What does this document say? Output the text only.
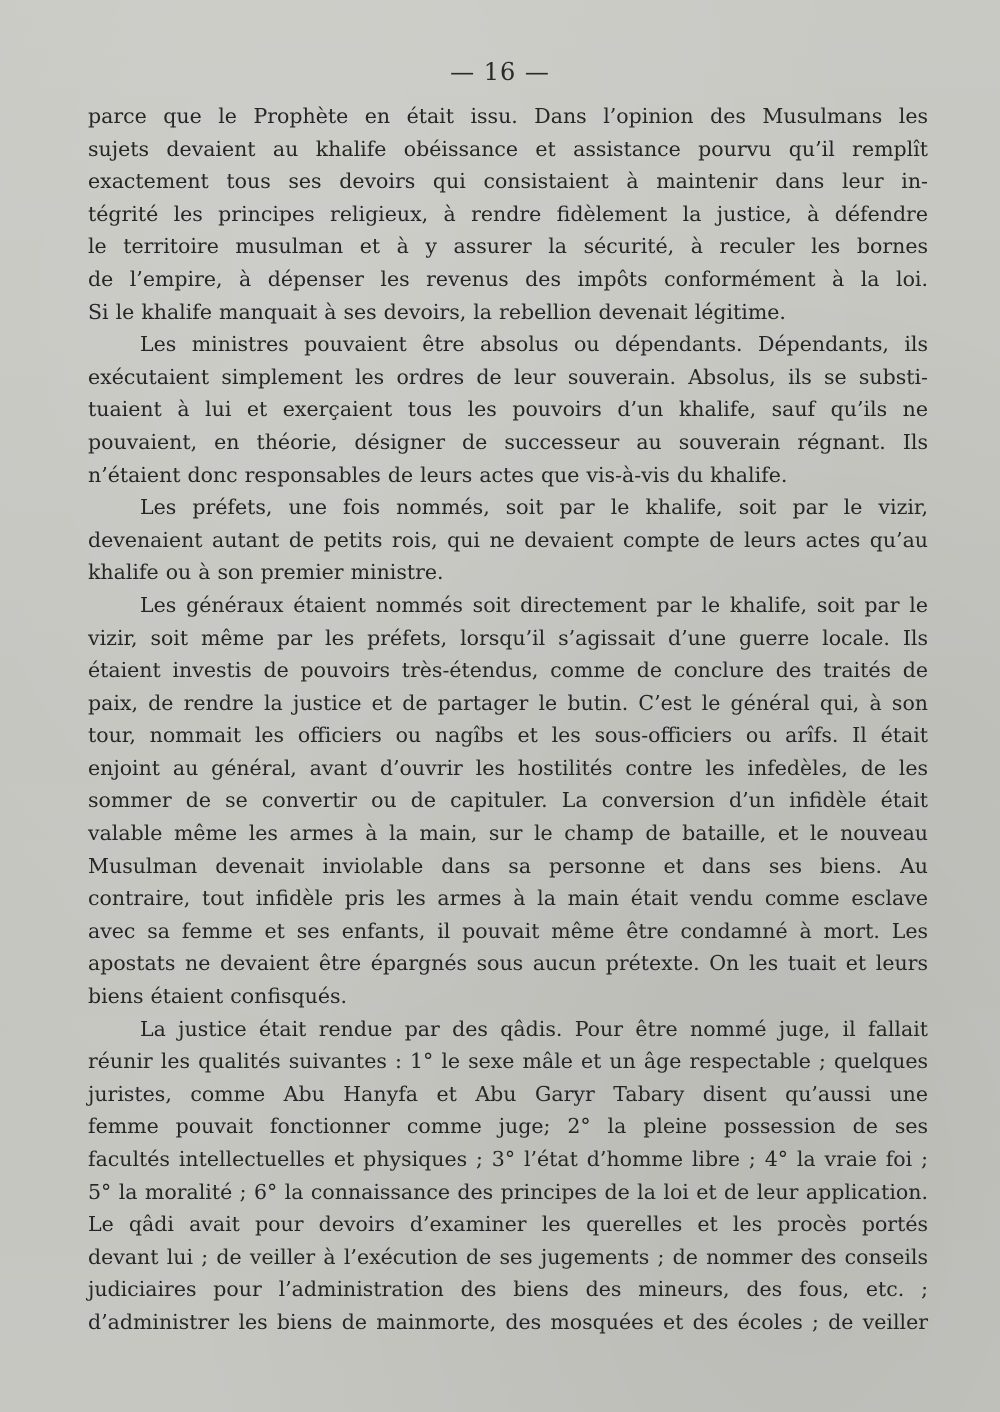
— 16 —

parce que le Prophète en était issu. Dans l’opinion des Musulmans les
sujets devaient au khalife obéissance et assistance pourvu qu’il remplît
exactement tous ses devoirs qui consistaient à maintenir dans leur in-
tégrité les principes religieux, à rendre fidèlement la justice, à défendre
le territoire musulman et à y assurer la sécurité, à reculer les bornes
de l’empire, à dépenser les revenus des impôts conformément à la loi.
Si le khalife manquait à ses devoirs, la rebellion devenait légitime.
Les ministres pouvaient être absolus ou dépendants. Dépendants, ils
exécutaient simplement les ordres de leur souverain. Absolus, ils se substi-
tuaient à lui et exerçaient tous les pouvoirs d’un khalife, sauf qu’ils ne
pouvaient, en théorie, désigner de successeur au souverain régnant. Ils
n’étaient donc responsables de leurs actes que vis-à-vis du khalife.
Les préfets, une fois nommés, soit par le khalife, soit par le vizir,
devenaient autant de petits rois, qui ne devaient compte de leurs actes qu’au
khalife ou à son premier ministre.
Les généraux étaient nommés soit directement par le khalife, soit par le
vizir, soit même par les préfets, lorsqu’il s’agissait d’une guerre locale. Ils
étaient investis de pouvoirs très-étendus, comme de conclure des traités de
paix, de rendre la justice et de partager le butin. C’est le général qui, à son
tour, nommait les officiers ou nagîbs et les sous-officiers ou arîfs. Il était
enjoint au général, avant d’ouvrir les hostilités contre les infedèles, de les
sommer de se convertir ou de capituler. La conversion d’un infidèle était
valable même les armes à la main, sur le champ de bataille, et le nouveau
Musulman devenait inviolable dans sa personne et dans ses biens. Au
contraire, tout infidèle pris les armes à la main était vendu comme esclave
avec sa femme et ses enfants, il pouvait même être condamné à mort. Les
apostats ne devaient être épargnés sous aucun prétexte. On les tuait et leurs
biens étaient confisqués.
La justice était rendue par des qâdis. Pour être nommé juge, il fallait
réunir les qualités suivantes : 1° le sexe mâle et un âge respectable ; quelques
juristes, comme Abu Hanyfa et Abu Garyr Tabary disent qu’aussi une
femme pouvait fonctionner comme juge; 2° la pleine possession de ses
facultés intellectuelles et physiques ; 3° l’état d’homme libre ; 4° la vraie foi ;
5° la moralité ; 6° la connaissance des principes de la loi et de leur application.
Le qâdi avait pour devoirs d’examiner les querelles et les procès portés
devant lui ; de veiller à l’exécution de ses jugements ; de nommer des conseils
judiciaires pour l’administration des biens des mineurs, des fous, etc. ;
d’administrer les biens de mainmorte, des mosquées et des écoles ; de veiller
